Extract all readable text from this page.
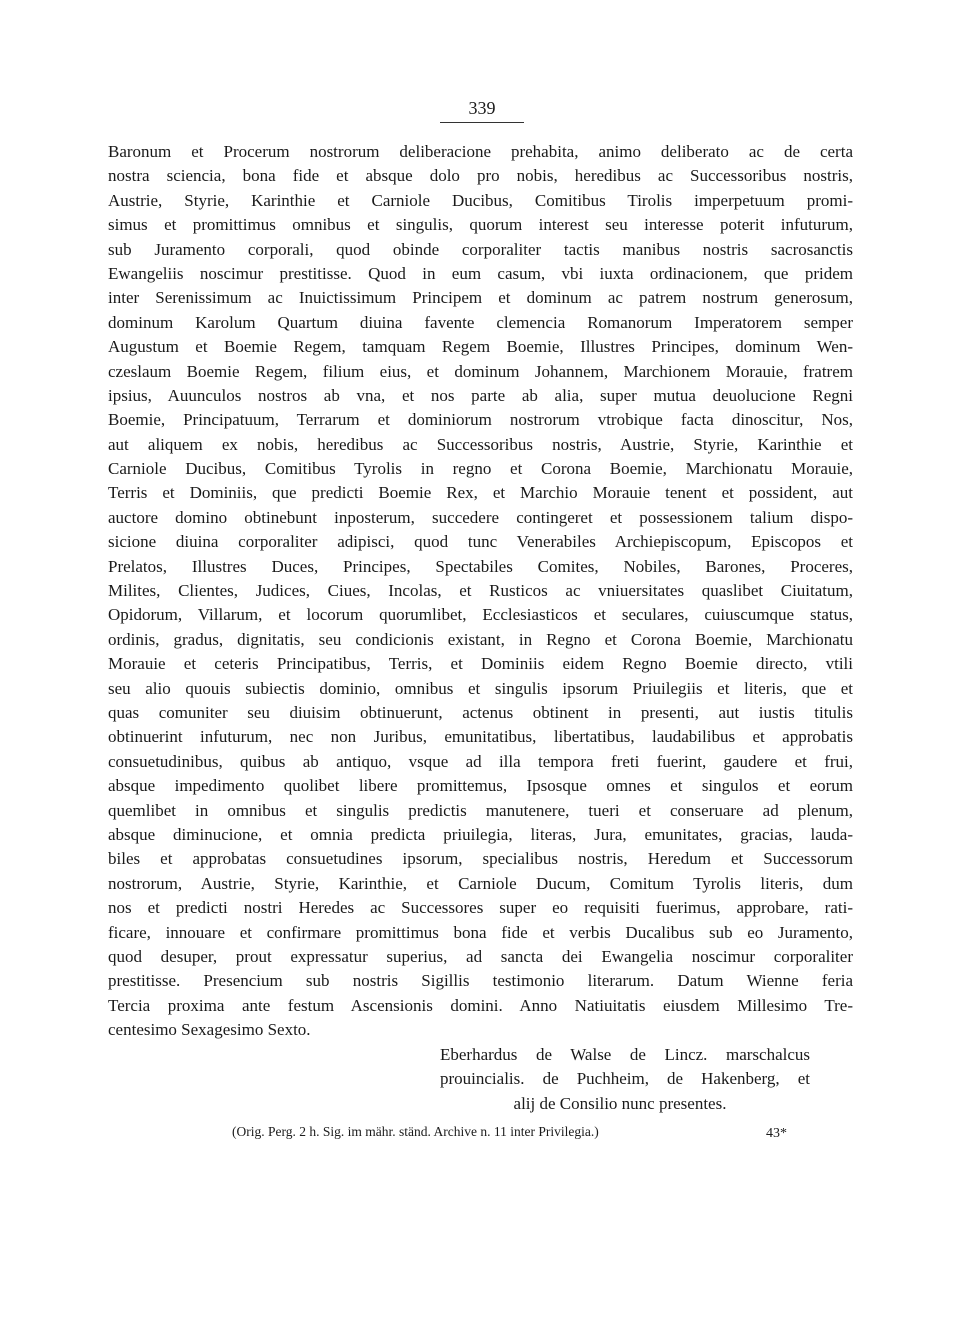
339
Baronum et Procerum nostrorum deliberacione prehabita, animo deliberato ac de certa
nostra sciencia, bona fide et absque dolo pro nobis, heredibus ac Successoribus nostris,
Austrie, Styrie, Karinthie et Carniole Ducibus, Comitibus Tirolis imperpetuum promi-
simus et promittimus omnibus et singulis, quorum interest seu interesse poterit infuturum,
sub Juramento corporali, quod obinde corporaliter tactis manibus nostris sacrosanctis
Ewangeliis noscimur prestitisse. Quod in eum casum, vbi iuxta ordinacionem, que pridem
inter Serenissimum ac Inuictissimum Principem et dominum ac patrem nostrum generosum,
dominum Karolum Quartum diuina favente clemencia Romanorum Imperatorem semper
Augustum et Boemie Regem, tamquam Regem Boemie, Illustres Principes, dominum Wen-
czeslaum Boemie Regem, filium eius, et dominum Johannem, Marchionem Morauie, fratrem
ipsius, Auunculos nostros ab vna, et nos parte ab alia, super mutua deuolucione Regni
Boemie, Principatuum, Terrarum et dominiorum nostrorum vtrobique facta dinoscitur, Nos,
aut aliquem ex nobis, heredibus ac Successoribus nostris, Austrie, Styrie, Karinthie et
Carniole Ducibus, Comitibus Tyrolis in regno et Corona Boemie, Marchionatu Morauie,
Terris et Dominiis, que predicti Boemie Rex, et Marchio Morauie tenent et possident, aut
auctore domino obtinebunt inposterum, succedere contingeret et possessionem talium dispo-
sicione diuina corporaliter adipisci, quod tunc Venerabiles Archiepiscopum, Episcopos et
Prelatos, Illustres Duces, Principes, Spectabiles Comites, Nobiles, Barones, Proceres,
Milites, Clientes, Judices, Ciues, Incolas, et Rusticos ac vniuersitates quaslibet Ciuitatum,
Opidorum, Villarum, et locorum quorumlibet, Ecclesiasticos et seculares, cuiuscumque status,
ordinis, gradus, dignitatis, seu condicionis existant, in Regno et Corona Boemie, Marchionatu
Morauie et ceteris Principatibus, Terris, et Dominiis eidem Regno Boemie directo, vtili
seu alio quouis subiectis dominio, omnibus et singulis ipsorum Priuilegiis et literis, que et
quas comuniter seu diuisim obtinuerunt, actenus obtinent in presenti, aut iustis titulis
obtinuerint infuturum, nec non Juribus, emunitatibus, libertatibus, laudabilibus et approbatis
consuetudinibus, quibus ab antiquo, vsque ad illa tempora freti fuerint, gaudere et frui,
absque impedimento quolibet libere promittemus, Ipsosque omnes et singulos et eorum
quemlibet in omnibus et singulis predictis manutenere, tueri et conseruare ad plenum,
absque diminucione, et omnia predicta priuilegia, literas, Jura, emunitates, gracias, lauda-
biles et approbatas consuetudines ipsorum, specialibus nostris, Heredum et Successorum
nostrorum, Austrie, Styrie, Karinthie, et Carniole Ducum, Comitum Tyrolis literis, dum
nos et predicti nostri Heredes ac Successores super eo requisiti fuerimus, approbare, rati-
ficare, innouare et confirmare promittimus bona fide et verbis Ducalibus sub eo Juramento,
quod desuper, prout expressatur superius, ad sancta dei Ewangelia noscimur corporaliter
prestitisse. Presencium sub nostris Sigillis testimonio literarum. Datum Wienne feria
Tercia proxima ante festum Ascensionis domini. Anno Natiuitatis eiusdem Millesimo Tre-
centesimo Sexagesimo Sexto.
Eberhardus de Walse de Lincz. marschalcus
prouincialis. de Puchheim, de Hakenberg, et
alij de Consilio nunc presentes.
(Orig. Perg. 2 h. Sig. im mähr. ständ. Archive n. 11 inter Privilegia.)	43*
